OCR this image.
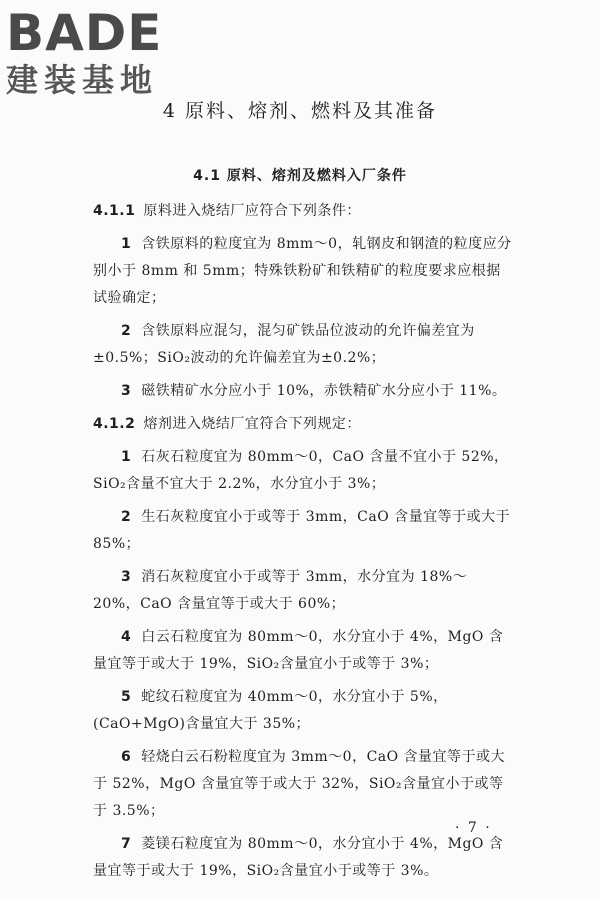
BADE
建装基地
4 原料、熔剂、燃料及其准备
4.1 原料、熔剂及燃料入厂条件

4.1.1 原料进入烧结厂应符合下列条件：

1 含铁原料的粒度宜为 8mm～0，轧钢皮和钢渣的粒度应分别小于 8mm 和 5mm；特殊铁粉矿和铁精矿的粒度要求应根据试验确定；

2 含铁原料应混匀，混匀矿铁品位波动的允许偏差宜为±0.5%；SiO₂波动的允许偏差宜为±0.2%；

3 磁铁精矿水分应小于 10%，赤铁精矿水分应小于 11%。

4.1.2 熔剂进入烧结厂宜符合下列规定：

1 石灰石粒度宜为 80mm～0，CaO 含量不宜小于 52%，SiO₂含量不宜大于 2.2%，水分宜小于 3%；

2 生石灰粒度宜小于或等于 3mm，CaO 含量宜等于或大于 85%；

3 消石灰粒度宜小于或等于 3mm，水分宜为 18%～20%，CaO 含量宜等于或大于 60%；

4 白云石粒度宜为 80mm～0，水分宜小于 4%，MgO 含量宜等于或大于 19%，SiO₂含量宜小于或等于 3%；

5 蛇纹石粒度宜为 40mm～0，水分宜小于 5%，(CaO+MgO)含量宜大于 35%；

6 轻烧白云石粉粒度宜为 3mm～0，CaO 含量宜等于或大于 52%，MgO 含量宜等于或大于 32%，SiO₂含量宜小于或等于 3.5%；

7 菱镁石粒度宜为 80mm～0，水分宜小于 4%，MgO 含量宜等于或大于 19%，SiO₂含量宜小于或等于 3%。

· 7 ·
